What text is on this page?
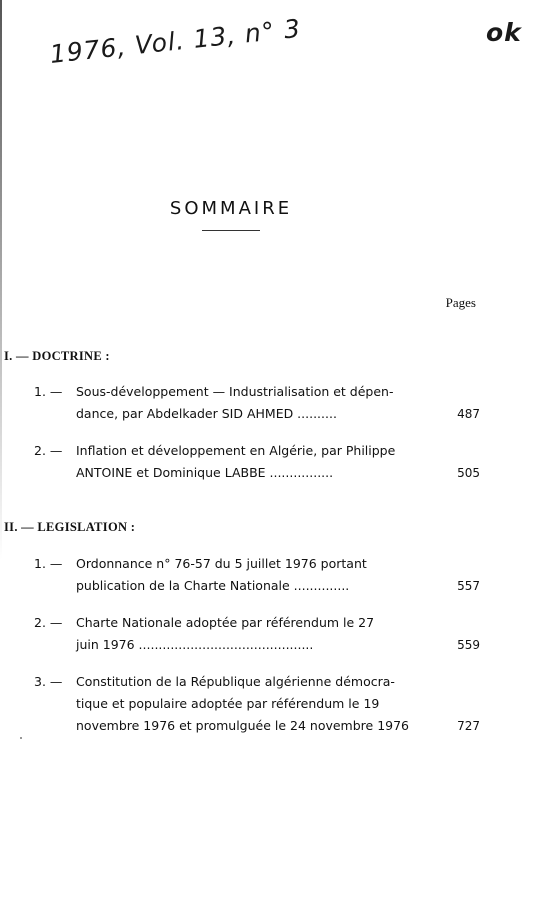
1976, Vol. 13, n° 3	ok
SOMMAIRE
Pages
I. — DOCTRINE :
1. — Sous-développement — Industrialisation et dépen-
dance, par Abdelkader SID AHMED ..........	487
2. — Inflation et développement en Algérie, par Philippe
ANTOINE et Dominique LABBE ................	505
II. — LEGISLATION :
1. — Ordonnance n° 76-57 du 5 juillet 1976 portant
publication de la Charte Nationale ..............	557
2. — Charte Nationale adoptée par référendum le 27
juin 1976 ............................................	559
3. — Constitution de la République algérienne démocra-
tique et populaire adoptée par référendum le 19
novembre 1976 et promulguée le 24 novembre 1976	727
